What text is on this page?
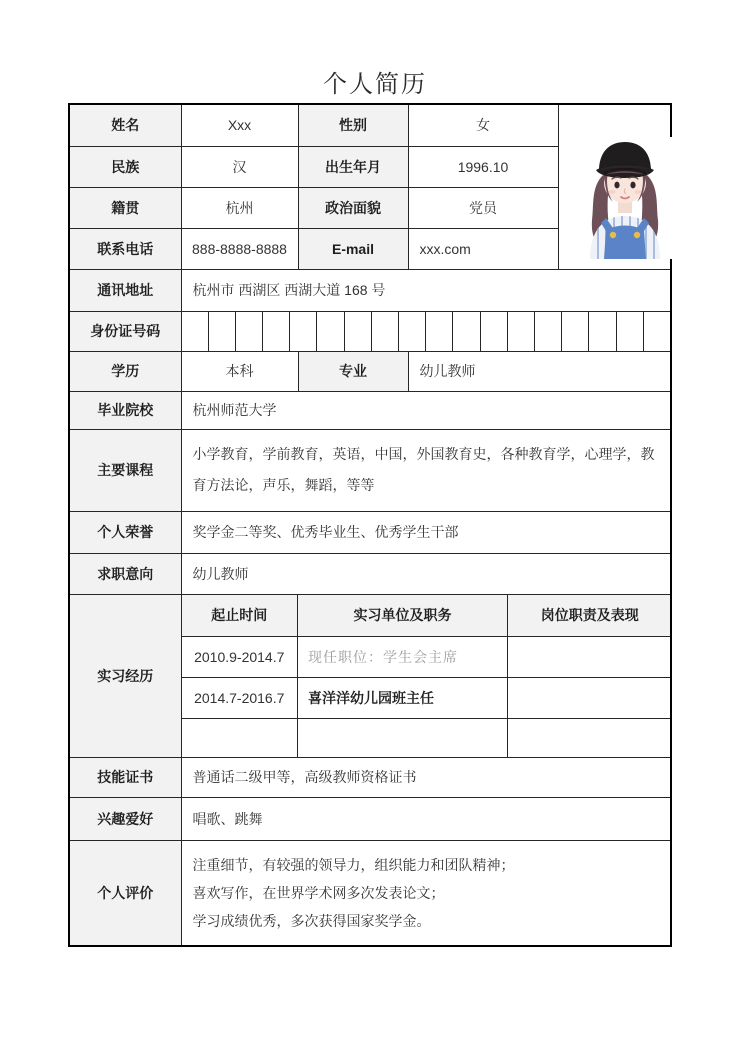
个人简历
姓名	Xxx	性别	女	

民族	汉	出生年月	1996.10
籍贯	杭州	政治面貌	党员
联系电话	888-8888-8888	E-mail	xxx.com
通讯地址	杭州市 西湖区 西湖大道 168 号
身份证号码	

学历	本科	专业	幼儿教师
毕业院校	杭州师范大学
主要课程	小学教育，学前教育，英语，中国，外国教育史，各种教育学，心理学，教育方法论，声乐，舞蹈，等等
个人荣誉	奖学金二等奖、优秀毕业生、优秀学生干部
求职意向	幼儿教师
实习经历	
起止时间	实习单位及职务	岗位职责及表现
2010.9-2014.7	现任职位：学生会主席	
2014.7-2016.7	喜洋洋幼儿园班主任	

技能证书	普通话二级甲等，高级教师资格证书
兴趣爱好	唱歌、跳舞
个人评价	
注重细节，有较强的领导力，组织能力和团队精神；
喜欢写作，在世界学术网多次发表论文；
学习成绩优秀，多次获得国家奖学金。
